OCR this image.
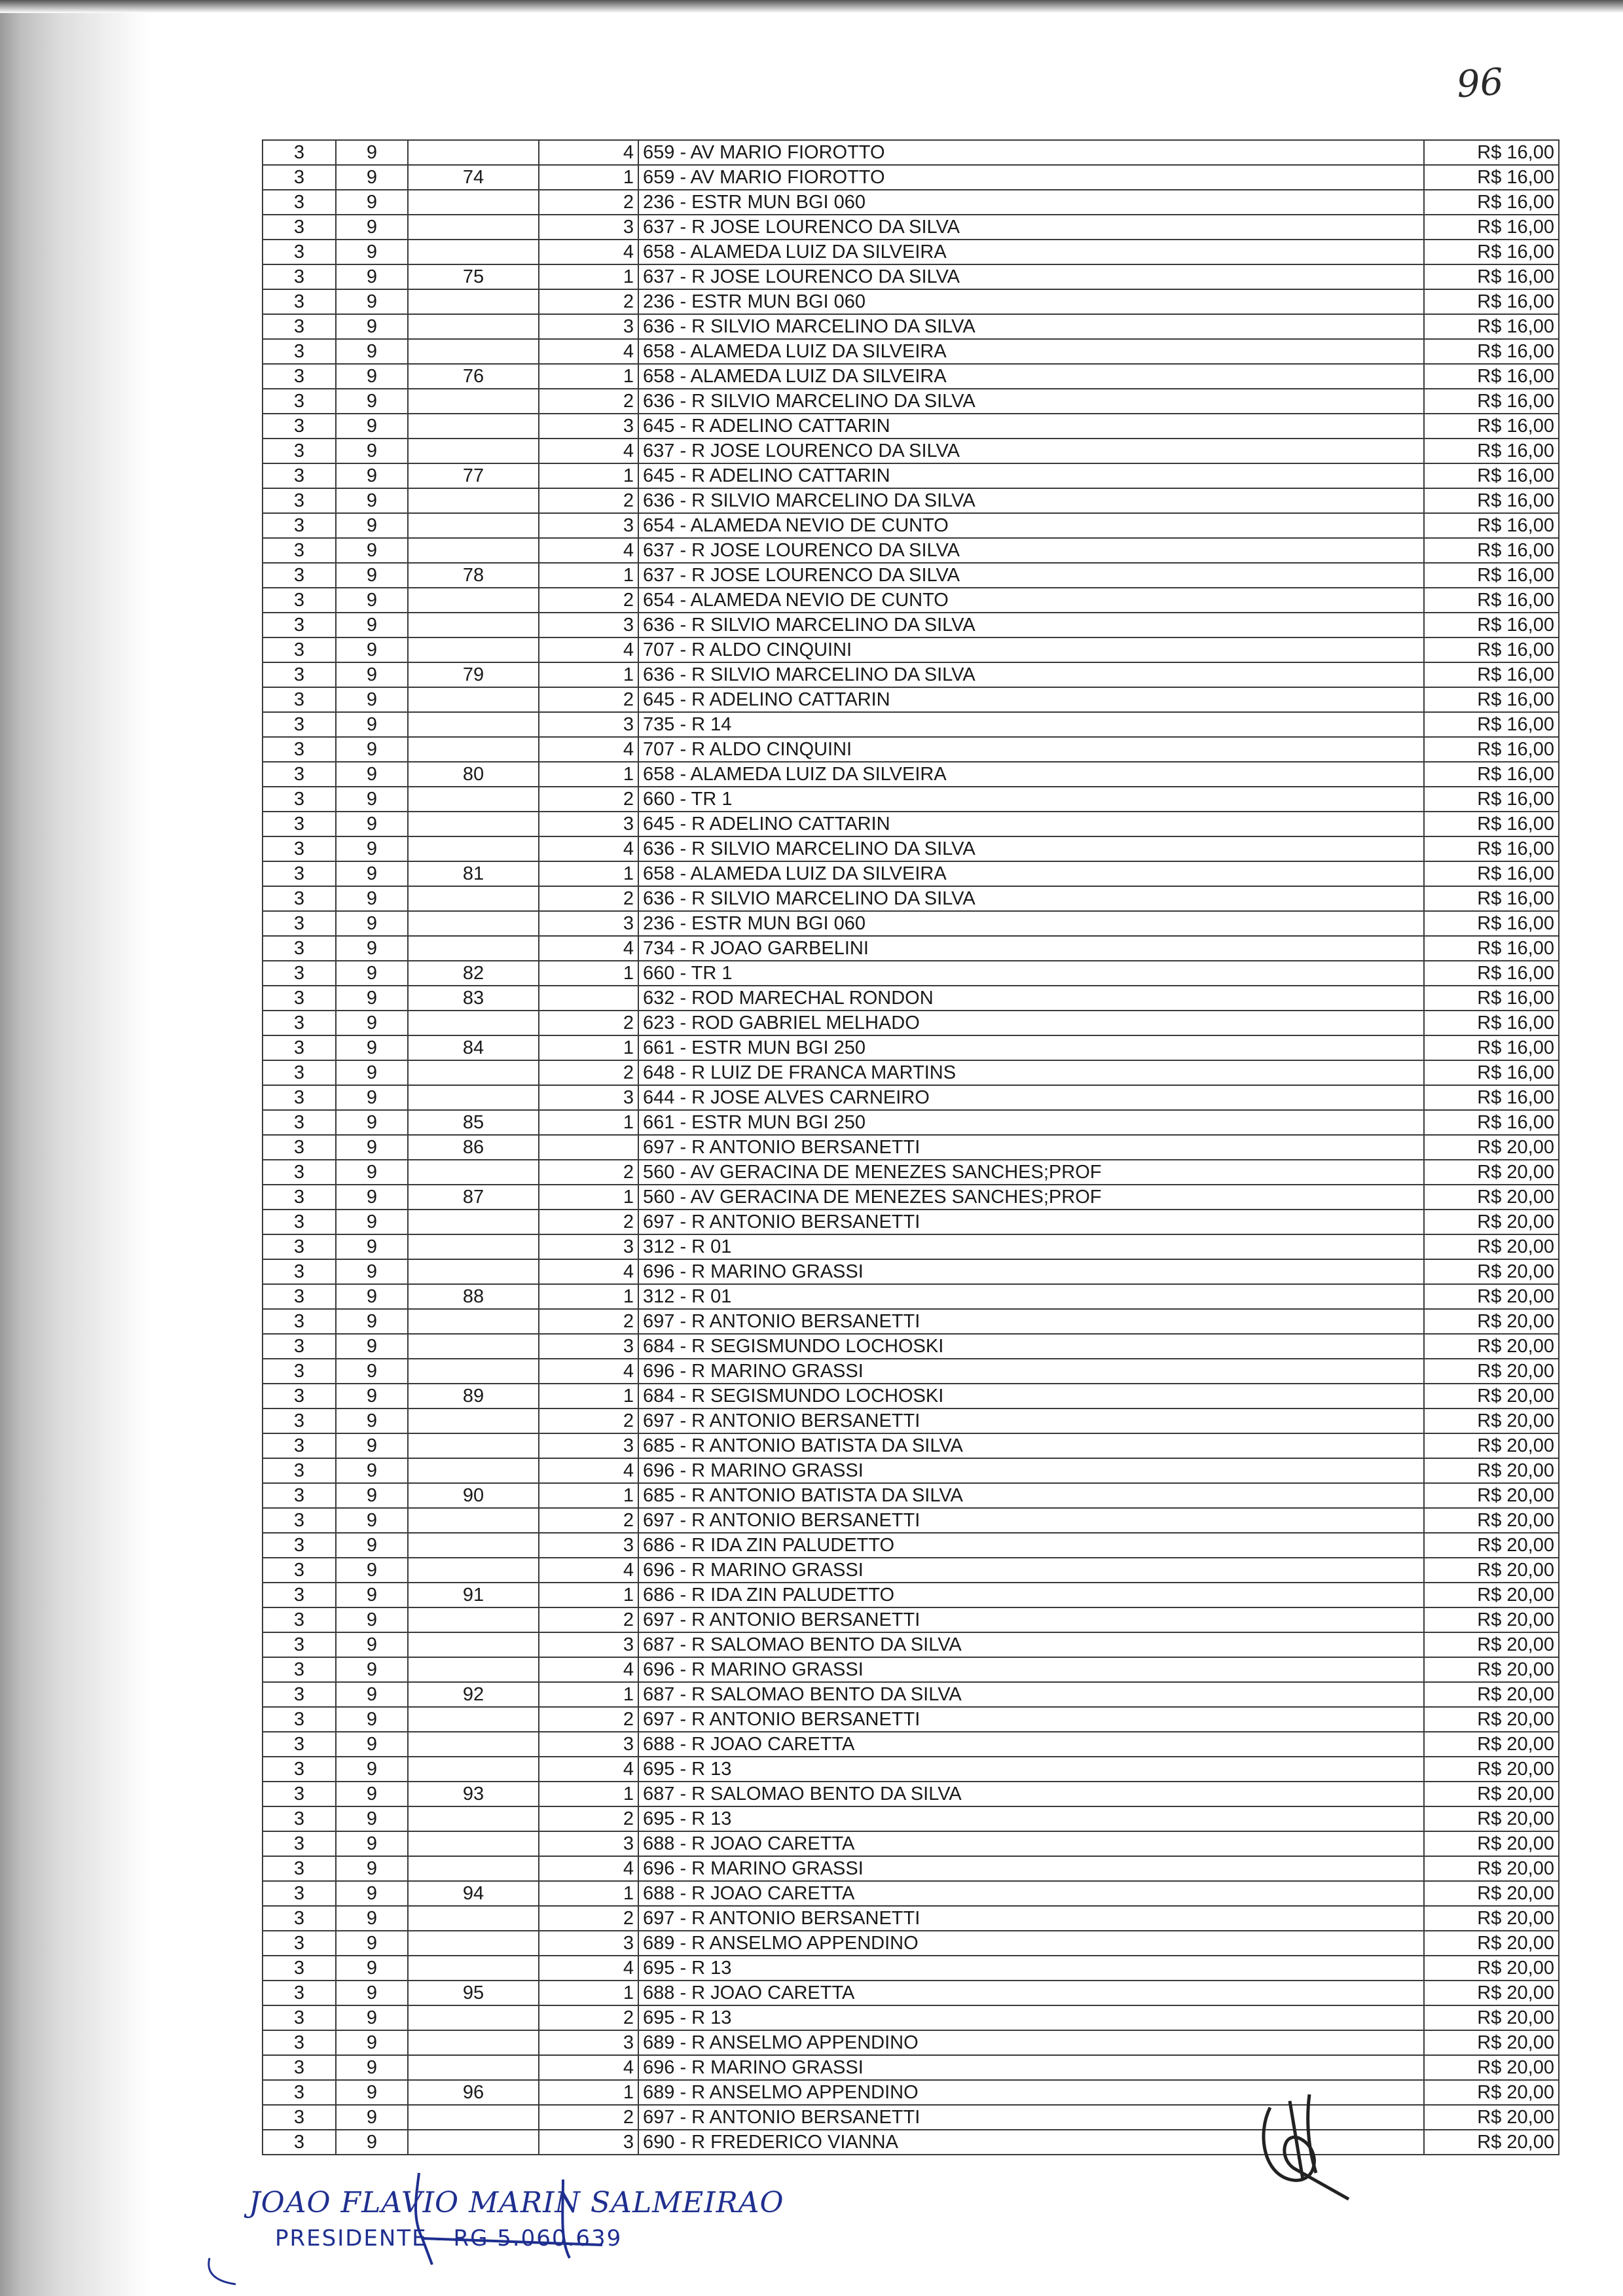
96
3	9		4	659 - AV MARIO FIOROTTO	R$ 16,00
3	9	74	1	659 - AV MARIO FIOROTTO	R$ 16,00
3	9		2	236 - ESTR MUN BGI 060	R$ 16,00
3	9		3	637 - R JOSE LOURENCO DA SILVA	R$ 16,00
3	9		4	658 - ALAMEDA LUIZ DA SILVEIRA	R$ 16,00
3	9	75	1	637 - R JOSE LOURENCO DA SILVA	R$ 16,00
3	9		2	236 - ESTR MUN BGI 060	R$ 16,00
3	9		3	636 - R SILVIO MARCELINO DA SILVA	R$ 16,00
3	9		4	658 - ALAMEDA LUIZ DA SILVEIRA	R$ 16,00
3	9	76	1	658 - ALAMEDA LUIZ DA SILVEIRA	R$ 16,00
3	9		2	636 - R SILVIO MARCELINO DA SILVA	R$ 16,00
3	9		3	645 - R ADELINO CATTARIN	R$ 16,00
3	9		4	637 - R JOSE LOURENCO DA SILVA	R$ 16,00
3	9	77	1	645 - R ADELINO CATTARIN	R$ 16,00
3	9		2	636 - R SILVIO MARCELINO DA SILVA	R$ 16,00
3	9		3	654 - ALAMEDA NEVIO DE CUNTO	R$ 16,00
3	9		4	637 - R JOSE LOURENCO DA SILVA	R$ 16,00
3	9	78	1	637 - R JOSE LOURENCO DA SILVA	R$ 16,00
3	9		2	654 - ALAMEDA NEVIO DE CUNTO	R$ 16,00
3	9		3	636 - R SILVIO MARCELINO DA SILVA	R$ 16,00
3	9		4	707 - R ALDO CINQUINI	R$ 16,00
3	9	79	1	636 - R SILVIO MARCELINO DA SILVA	R$ 16,00
3	9		2	645 - R ADELINO CATTARIN	R$ 16,00
3	9		3	735 - R 14	R$ 16,00
3	9		4	707 - R ALDO CINQUINI	R$ 16,00
3	9	80	1	658 - ALAMEDA LUIZ DA SILVEIRA	R$ 16,00
3	9		2	660 - TR 1	R$ 16,00
3	9		3	645 - R ADELINO CATTARIN	R$ 16,00
3	9		4	636 - R SILVIO MARCELINO DA SILVA	R$ 16,00
3	9	81	1	658 - ALAMEDA LUIZ DA SILVEIRA	R$ 16,00
3	9		2	636 - R SILVIO MARCELINO DA SILVA	R$ 16,00
3	9		3	236 - ESTR MUN BGI 060	R$ 16,00
3	9		4	734 - R JOAO GARBELINI	R$ 16,00
3	9	82	1	660 - TR 1	R$ 16,00
3	9	83		632 - ROD MARECHAL RONDON	R$ 16,00
3	9		2	623 - ROD GABRIEL MELHADO	R$ 16,00
3	9	84	1	661 - ESTR MUN BGI 250	R$ 16,00
3	9		2	648 - R LUIZ DE FRANCA MARTINS	R$ 16,00
3	9		3	644 - R JOSE ALVES CARNEIRO	R$ 16,00
3	9	85	1	661 - ESTR MUN BGI 250	R$ 16,00
3	9	86		697 - R ANTONIO BERSANETTI	R$ 20,00
3	9		2	560 - AV GERACINA DE MENEZES SANCHES;PROF	R$ 20,00
3	9	87	1	560 - AV GERACINA DE MENEZES SANCHES;PROF	R$ 20,00
3	9		2	697 - R ANTONIO BERSANETTI	R$ 20,00
3	9		3	312 - R 01	R$ 20,00
3	9		4	696 - R MARINO GRASSI	R$ 20,00
3	9	88	1	312 - R 01	R$ 20,00
3	9		2	697 - R ANTONIO BERSANETTI	R$ 20,00
3	9		3	684 - R SEGISMUNDO LOCHOSKI	R$ 20,00
3	9		4	696 - R MARINO GRASSI	R$ 20,00
3	9	89	1	684 - R SEGISMUNDO LOCHOSKI	R$ 20,00
3	9		2	697 - R ANTONIO BERSANETTI	R$ 20,00
3	9		3	685 - R ANTONIO BATISTA DA SILVA	R$ 20,00
3	9		4	696 - R MARINO GRASSI	R$ 20,00
3	9	90	1	685 - R ANTONIO BATISTA DA SILVA	R$ 20,00
3	9		2	697 - R ANTONIO BERSANETTI	R$ 20,00
3	9		3	686 - R IDA ZIN PALUDETTO	R$ 20,00
3	9		4	696 - R MARINO GRASSI	R$ 20,00
3	9	91	1	686 - R IDA ZIN PALUDETTO	R$ 20,00
3	9		2	697 - R ANTONIO BERSANETTI	R$ 20,00
3	9		3	687 - R SALOMAO BENTO DA SILVA	R$ 20,00
3	9		4	696 - R MARINO GRASSI	R$ 20,00
3	9	92	1	687 - R SALOMAO BENTO DA SILVA	R$ 20,00
3	9		2	697 - R ANTONIO BERSANETTI	R$ 20,00
3	9		3	688 - R JOAO CARETTA	R$ 20,00
3	9		4	695 - R 13	R$ 20,00
3	9	93	1	687 - R SALOMAO BENTO DA SILVA	R$ 20,00
3	9		2	695 - R 13	R$ 20,00
3	9		3	688 - R JOAO CARETTA	R$ 20,00
3	9		4	696 - R MARINO GRASSI	R$ 20,00
3	9	94	1	688 - R JOAO CARETTA	R$ 20,00
3	9		2	697 - R ANTONIO BERSANETTI	R$ 20,00
3	9		3	689 - R ANSELMO APPENDINO	R$ 20,00
3	9		4	695 - R 13	R$ 20,00
3	9	95	1	688 - R JOAO CARETTA	R$ 20,00
3	9		2	695 - R 13	R$ 20,00
3	9		3	689 - R ANSELMO APPENDINO	R$ 20,00
3	9		4	696 - R MARINO GRASSI	R$ 20,00
3	9	96	1	689 - R ANSELMO APPENDINO	R$ 20,00
3	9		2	697 - R ANTONIO BERSANETTI	R$ 20,00
3	9		3	690 - R FREDERICO VIANNA	R$ 20,00
JOAO FLAVIO MARIN SALMEIRAO
PRESIDENTE - RG 5.060.639
